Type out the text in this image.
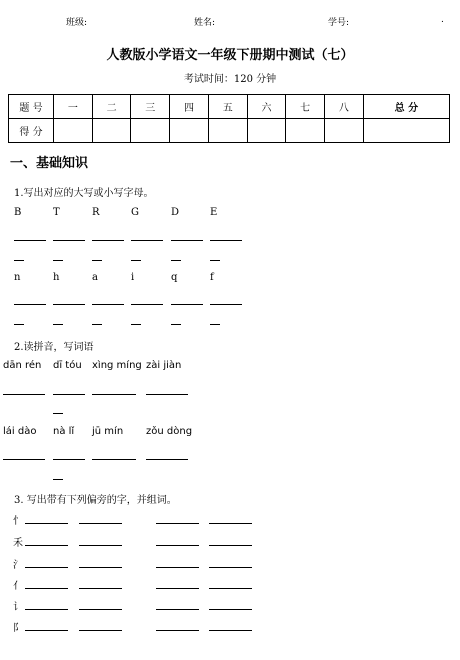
班级:	姓名:	学号:	.
人教版小学语文一年级下册期中测试（七）
考试时间：120 分钟
题 号	一	二	三	四	五	六	七	八	总 分
得 分									
一、基础知识
1.写出对应的大写或小写字母。
B	T	R	G	D	E
n	h	a	i	q	f
2.读拼音，写词语
dān rén dī tóu xìng míng zài jiàn
lái dào nà lǐ jū mín zǒu dòng
3. 写出带有下列偏旁的字，并组词。
忄
禾
氵
亻
讠
阝
